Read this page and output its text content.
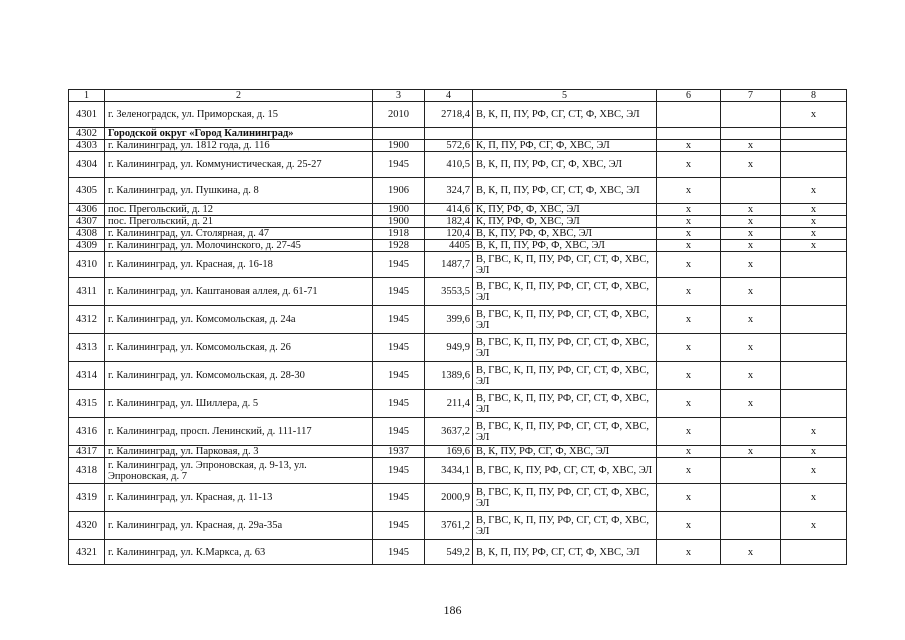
1	2	3	4	5	6	7	8
4301	г. Зеленоградск, ул. Приморская, д. 15	2010	2718,4	В, К, П, ПУ, РФ, СГ, СТ, Ф, ХВС, ЭЛ			х
4302	Городской округ «Город Калининград»						
4303	г. Калининград, ул. 1812 года, д. 116	1900	572,6	К, П, ПУ, РФ, СГ, Ф, ХВС, ЭЛ	х	х	
4304	г. Калининград, ул. Коммунистическая, д. 25-27	1945	410,5	В, К, П, ПУ, РФ, СГ, Ф, ХВС, ЭЛ	х	х	
4305	г. Калининград, ул. Пушкина, д. 8	1906	324,7	В, К, П, ПУ, РФ, СГ, СТ, Ф, ХВС, ЭЛ	х		х
4306	пос. Прегольский, д. 12	1900	414,6	К, ПУ, РФ, Ф, ХВС, ЭЛ	х	х	х
4307	пос. Прегольский, д. 21	1900	182,4	К, ПУ, РФ, Ф, ХВС, ЭЛ	х	х	х
4308	г. Калининград, ул. Столярная, д. 47	1918	120,4	В, К, ПУ, РФ, Ф, ХВС, ЭЛ	х	х	х
4309	г. Калининград, ул. Молочинского, д. 27-45	1928	4405	В, К, П, ПУ, РФ, Ф, ХВС, ЭЛ	х	х	х
4310	г. Калининград, ул. Красная, д. 16-18	1945	1487,7	В, ГВС, К, П, ПУ, РФ, СГ, СТ, Ф, ХВС, ЭЛ	х	х	
4311	г. Калининград, ул. Каштановая аллея, д. 61-71	1945	3553,5	В, ГВС, К, П, ПУ, РФ, СГ, СТ, Ф, ХВС, ЭЛ	х	х	
4312	г. Калининград, ул. Комсомольская, д. 24а	1945	399,6	В, ГВС, К, П, ПУ, РФ, СГ, СТ, Ф, ХВС, ЭЛ	х	х	
4313	г. Калининград, ул. Комсомольская, д. 26	1945	949,9	В, ГВС, К, П, ПУ, РФ, СГ, СТ, Ф, ХВС, ЭЛ	х	х	
4314	г. Калининград, ул. Комсомольская, д. 28-30	1945	1389,6	В, ГВС, К, П, ПУ, РФ, СГ, СТ, Ф, ХВС, ЭЛ	х	х	
4315	г. Калининград, ул. Шиллера, д. 5	1945	211,4	В, ГВС, К, П, ПУ, РФ, СГ, СТ, Ф, ХВС, ЭЛ	х	х	
4316	г. Калининград, просп. Ленинский, д. 111-117	1945	3637,2	В, ГВС, К, П, ПУ, РФ, СГ, СТ, Ф, ХВС, ЭЛ	х		х
4317	г. Калининград, ул. Парковая, д. 3	1937	169,6	В, К, ПУ, РФ, СГ, Ф, ХВС, ЭЛ	х	х	х
4318	г. Калининград, ул. Эпроновская, д. 9-13, ул. Эпроновская, д. 7	1945	3434,1	В, ГВС, К, ПУ, РФ, СГ, СТ, Ф, ХВС, ЭЛ	х		х
4319	г. Калининград, ул. Красная, д. 11-13	1945	2000,9	В, ГВС, К, П, ПУ, РФ, СГ, СТ, Ф, ХВС, ЭЛ	х		х
4320	г. Калининград, ул. Красная, д. 29а-35а	1945	3761,2	В, ГВС, К, П, ПУ, РФ, СГ, СТ, Ф, ХВС, ЭЛ	х		х
4321	г. Калининград, ул. К.Маркса, д. 63	1945	549,2	В, К, П, ПУ, РФ, СГ, СТ, Ф, ХВС, ЭЛ	х	х	
186
